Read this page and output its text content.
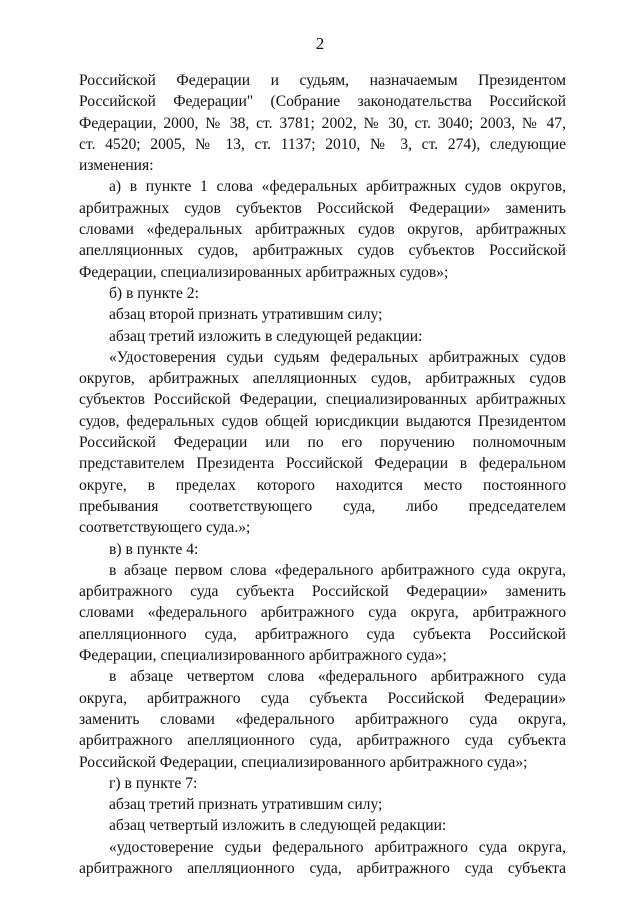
2
Российской Федерации и судьям, назначаемым Президентом
Российской Федерации" (Собрание законодательства Российской
Федерации, 2000, № 38, ст. 3781; 2002, № 30, ст. 3040; 2003, № 47,
ст. 4520; 2005, № 13, ст. 1137; 2010, № 3, ст. 274), следующие
изменения:
а) в пункте 1 слова «федеральных арбитражных судов округов,
арбитражных судов субъектов Российской Федерации» заменить
словами «федеральных арбитражных судов округов, арбитражных
апелляционных судов, арбитражных судов субъектов Российской
Федерации, специализированных арбитражных судов»;
б) в пункте 2:
абзац второй признать утратившим силу;
абзац третий изложить в следующей редакции:
«Удостоверения судьи судьям федеральных арбитражных судов
округов, арбитражных апелляционных судов, арбитражных судов
субъектов Российской Федерации, специализированных арбитражных
судов, федеральных судов общей юрисдикции выдаются Президентом
Российской Федерации или по его поручению полномочным
представителем Президента Российской Федерации в федеральном
округе, в пределах которого находится место постоянного
пребывания соответствующего суда, либо председателем
соответствующего суда.»;
в) в пункте 4:
в абзаце первом слова «федерального арбитражного суда округа,
арбитражного суда субъекта Российской Федерации» заменить
словами «федерального арбитражного суда округа, арбитражного
апелляционного суда, арбитражного суда субъекта Российской
Федерации, специализированного арбитражного суда»;
в абзаце четвертом слова «федерального арбитражного суда
округа, арбитражного суда субъекта Российской Федерации»
заменить словами «федерального арбитражного суда округа,
арбитражного апелляционного суда, арбитражного суда субъекта
Российской Федерации, специализированного арбитражного суда»;
г) в пункте 7:
абзац третий признать утратившим силу;
абзац четвертый изложить в следующей редакции:
«удостоверение судьи федерального арбитражного суда округа,
арбитражного апелляционного суда, арбитражного суда субъекта
